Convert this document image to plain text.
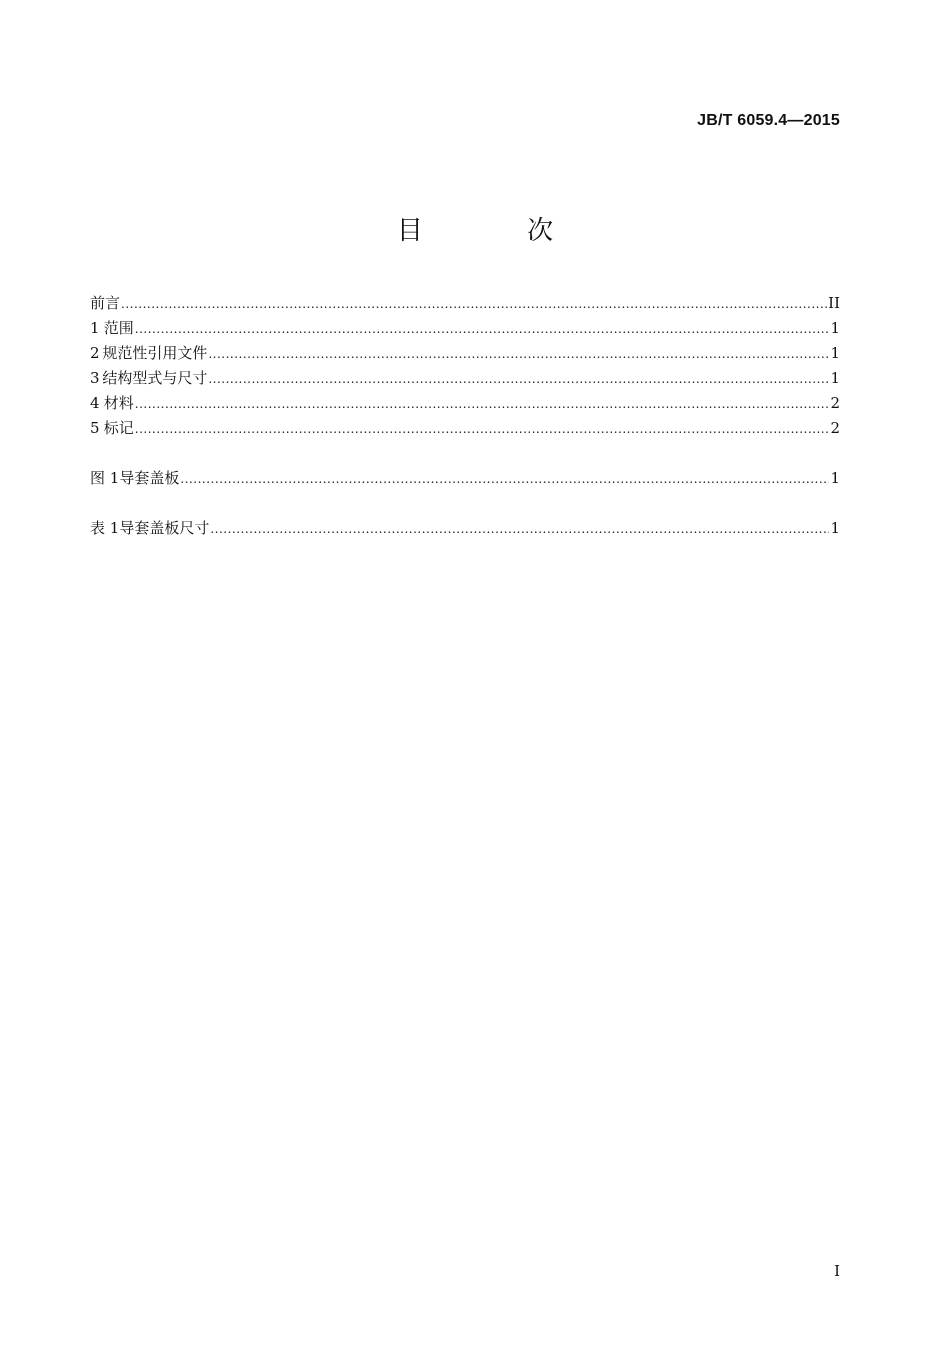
JB/T 6059.4—2015
目 次
前言 .....	II
1 范围 .....	1
2 规范性引用文件 .....	1
3 结构型式与尺寸 .....	1
4 材料 .....	2
5 标记 .....	2
图 1 导套盖板 .....	1
表 1 导套盖板尺寸 .....	1
I
